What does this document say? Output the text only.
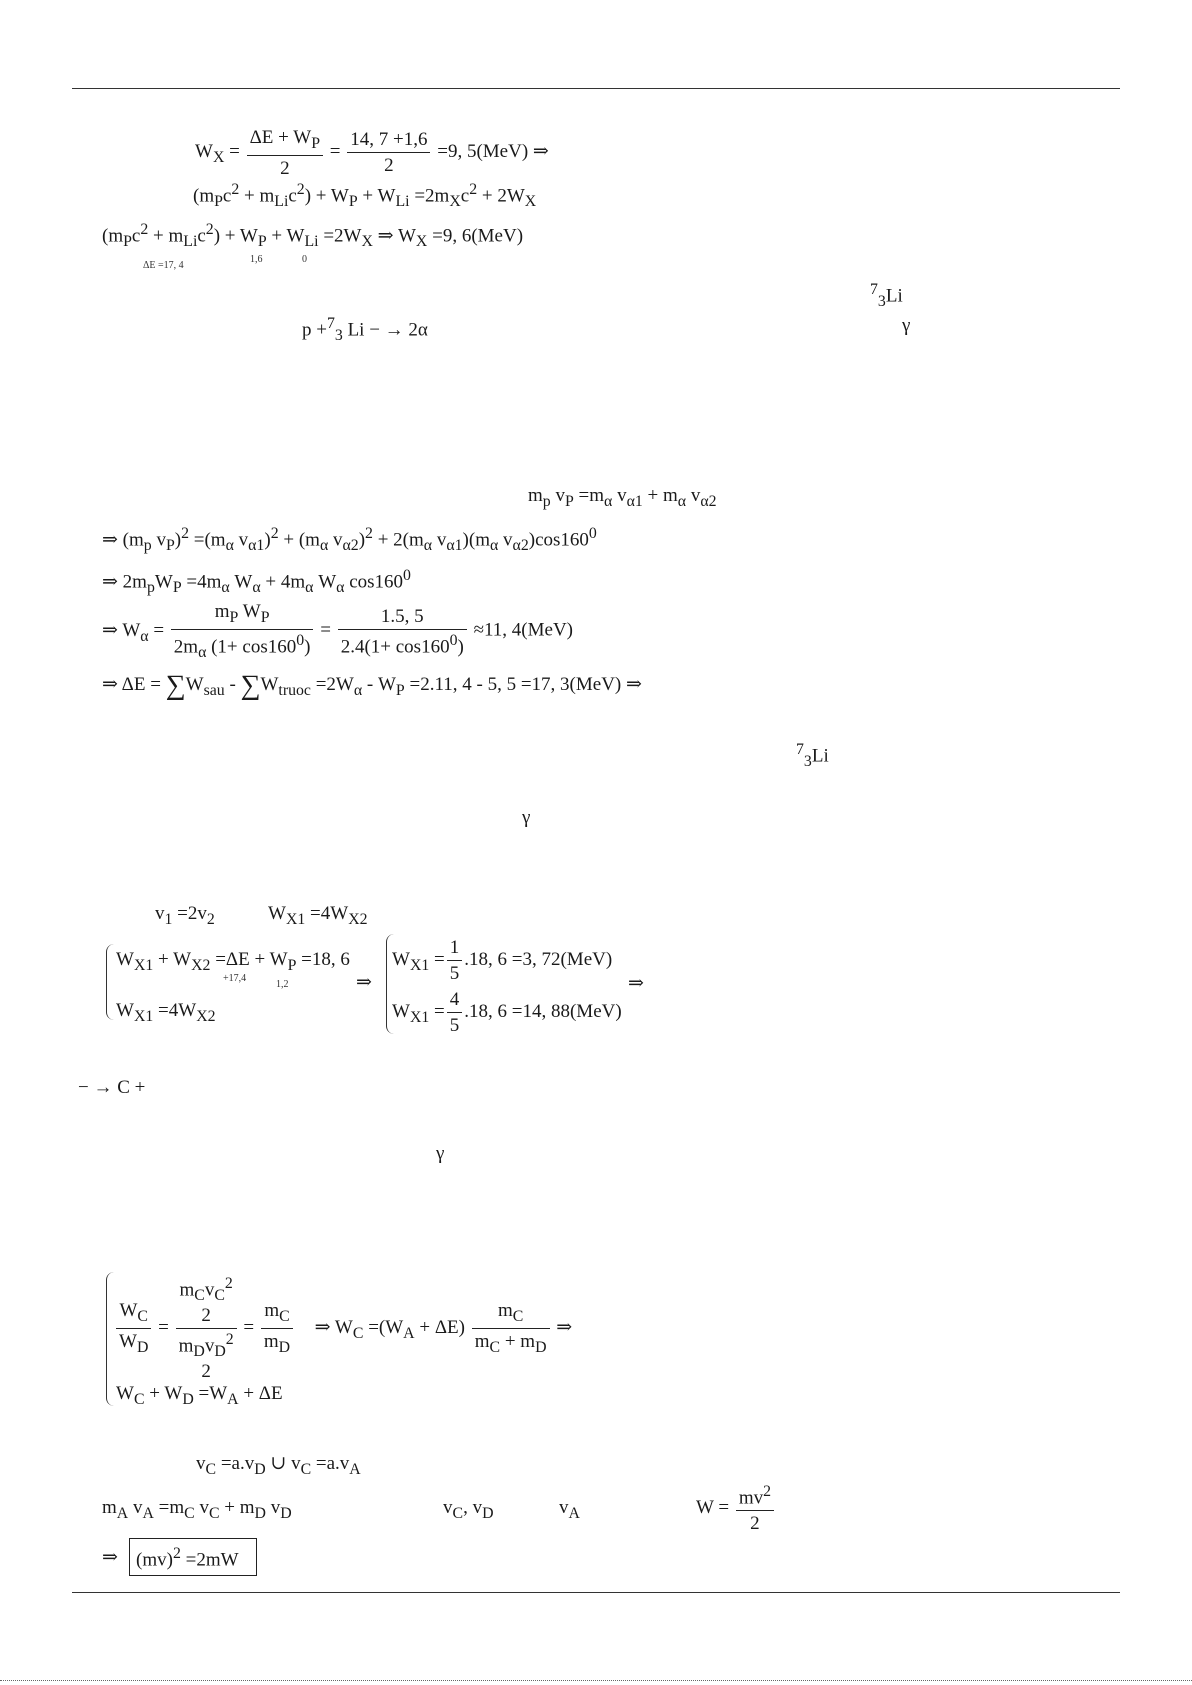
$W_X = \frac{\Delta E + W_P}{2} = \frac{14, 7 +1,6}{2} =9$, 5(MeV) ⇒
$(m_Pc^2 + m_{Li}c^2) + W_P + W_{Li} =2m_Xc^2 + 2W_X$
$(m_Pc^2 + m_{Li}c^2) + W_P + W_{Li} =2W_X$ ⇒ $W_X =9$, 6(MeV)
ΔE =17, 4
1,6	0
$^7_3$Li
p +$^7_3$ Li − → 2α	γ
$m_p$ $v_P =m_\alpha$ $v_{\alpha 1} + m_\alpha$ $v_{\alpha 2}$
⇒ ($m_p$ $v_P)^2 =(m_\alpha$ $v_{\alpha 1})^2 + (m_\alpha$ $v_{\alpha 2})^2 + 2(m_\alpha$ $v_{\alpha 1})(m_\alpha$ $v_{\alpha 2})\cos 160^0$
⇒ $2m_pW_P =4m_\alpha$ $W_\alpha + 4m_\alpha$ $W_\alpha$ $\cos 160^0$
⇒ $W_\alpha = \frac{m_P W_P}{2m_\alpha (1+ \cos 160^0)} = \frac{1.5, 5}{2.4(1+ \cos 160^0)} \approx 11$, 4(MeV)
⇒ $\Delta E = \sum W_{sau} - \sum W_{truoc} =2W_\alpha - W_P =2.11$, 4 - 5, 5 =17, 3(MeV) ⇒
$^7_3$Li
γ
$v_1 =2v_2$	$W_{X1} =4W_{X2}$
$W_{X1} + W_{X2} =\Delta E + W_P =18$, 6
+17,4
1,2
$W_{X1} =4W_{X2}$
⇒
$W_{X1} = \frac{1}{5} .18$, 6 =3, 72(MeV)
$W_{X1} = \frac{4}{5} .18$, 6 =14, 88(MeV)
⇒
− → C +
γ
$\frac{W_C}{W_D}$ =
$m_Cv_C^2$
2
$m_Dv_D^2$
2
= $\frac{m_C}{m_D}$ ⇒ $W_C =(W_A + \Delta E) \frac{m_C}{m_C + m_D}$ ⇒
$W_C + W_D =W_A + \Delta E$
$v_C =a.v_D$ ∪ $v_C =a.v_A$
$m_A$ $v_A =m_C$ $v_C + m_D$ $v_D$	$v_C$, $v_D$	$v_A$	$W = \frac{mv^2}{2}$
⇒ (mv)$^2$ =2mW
